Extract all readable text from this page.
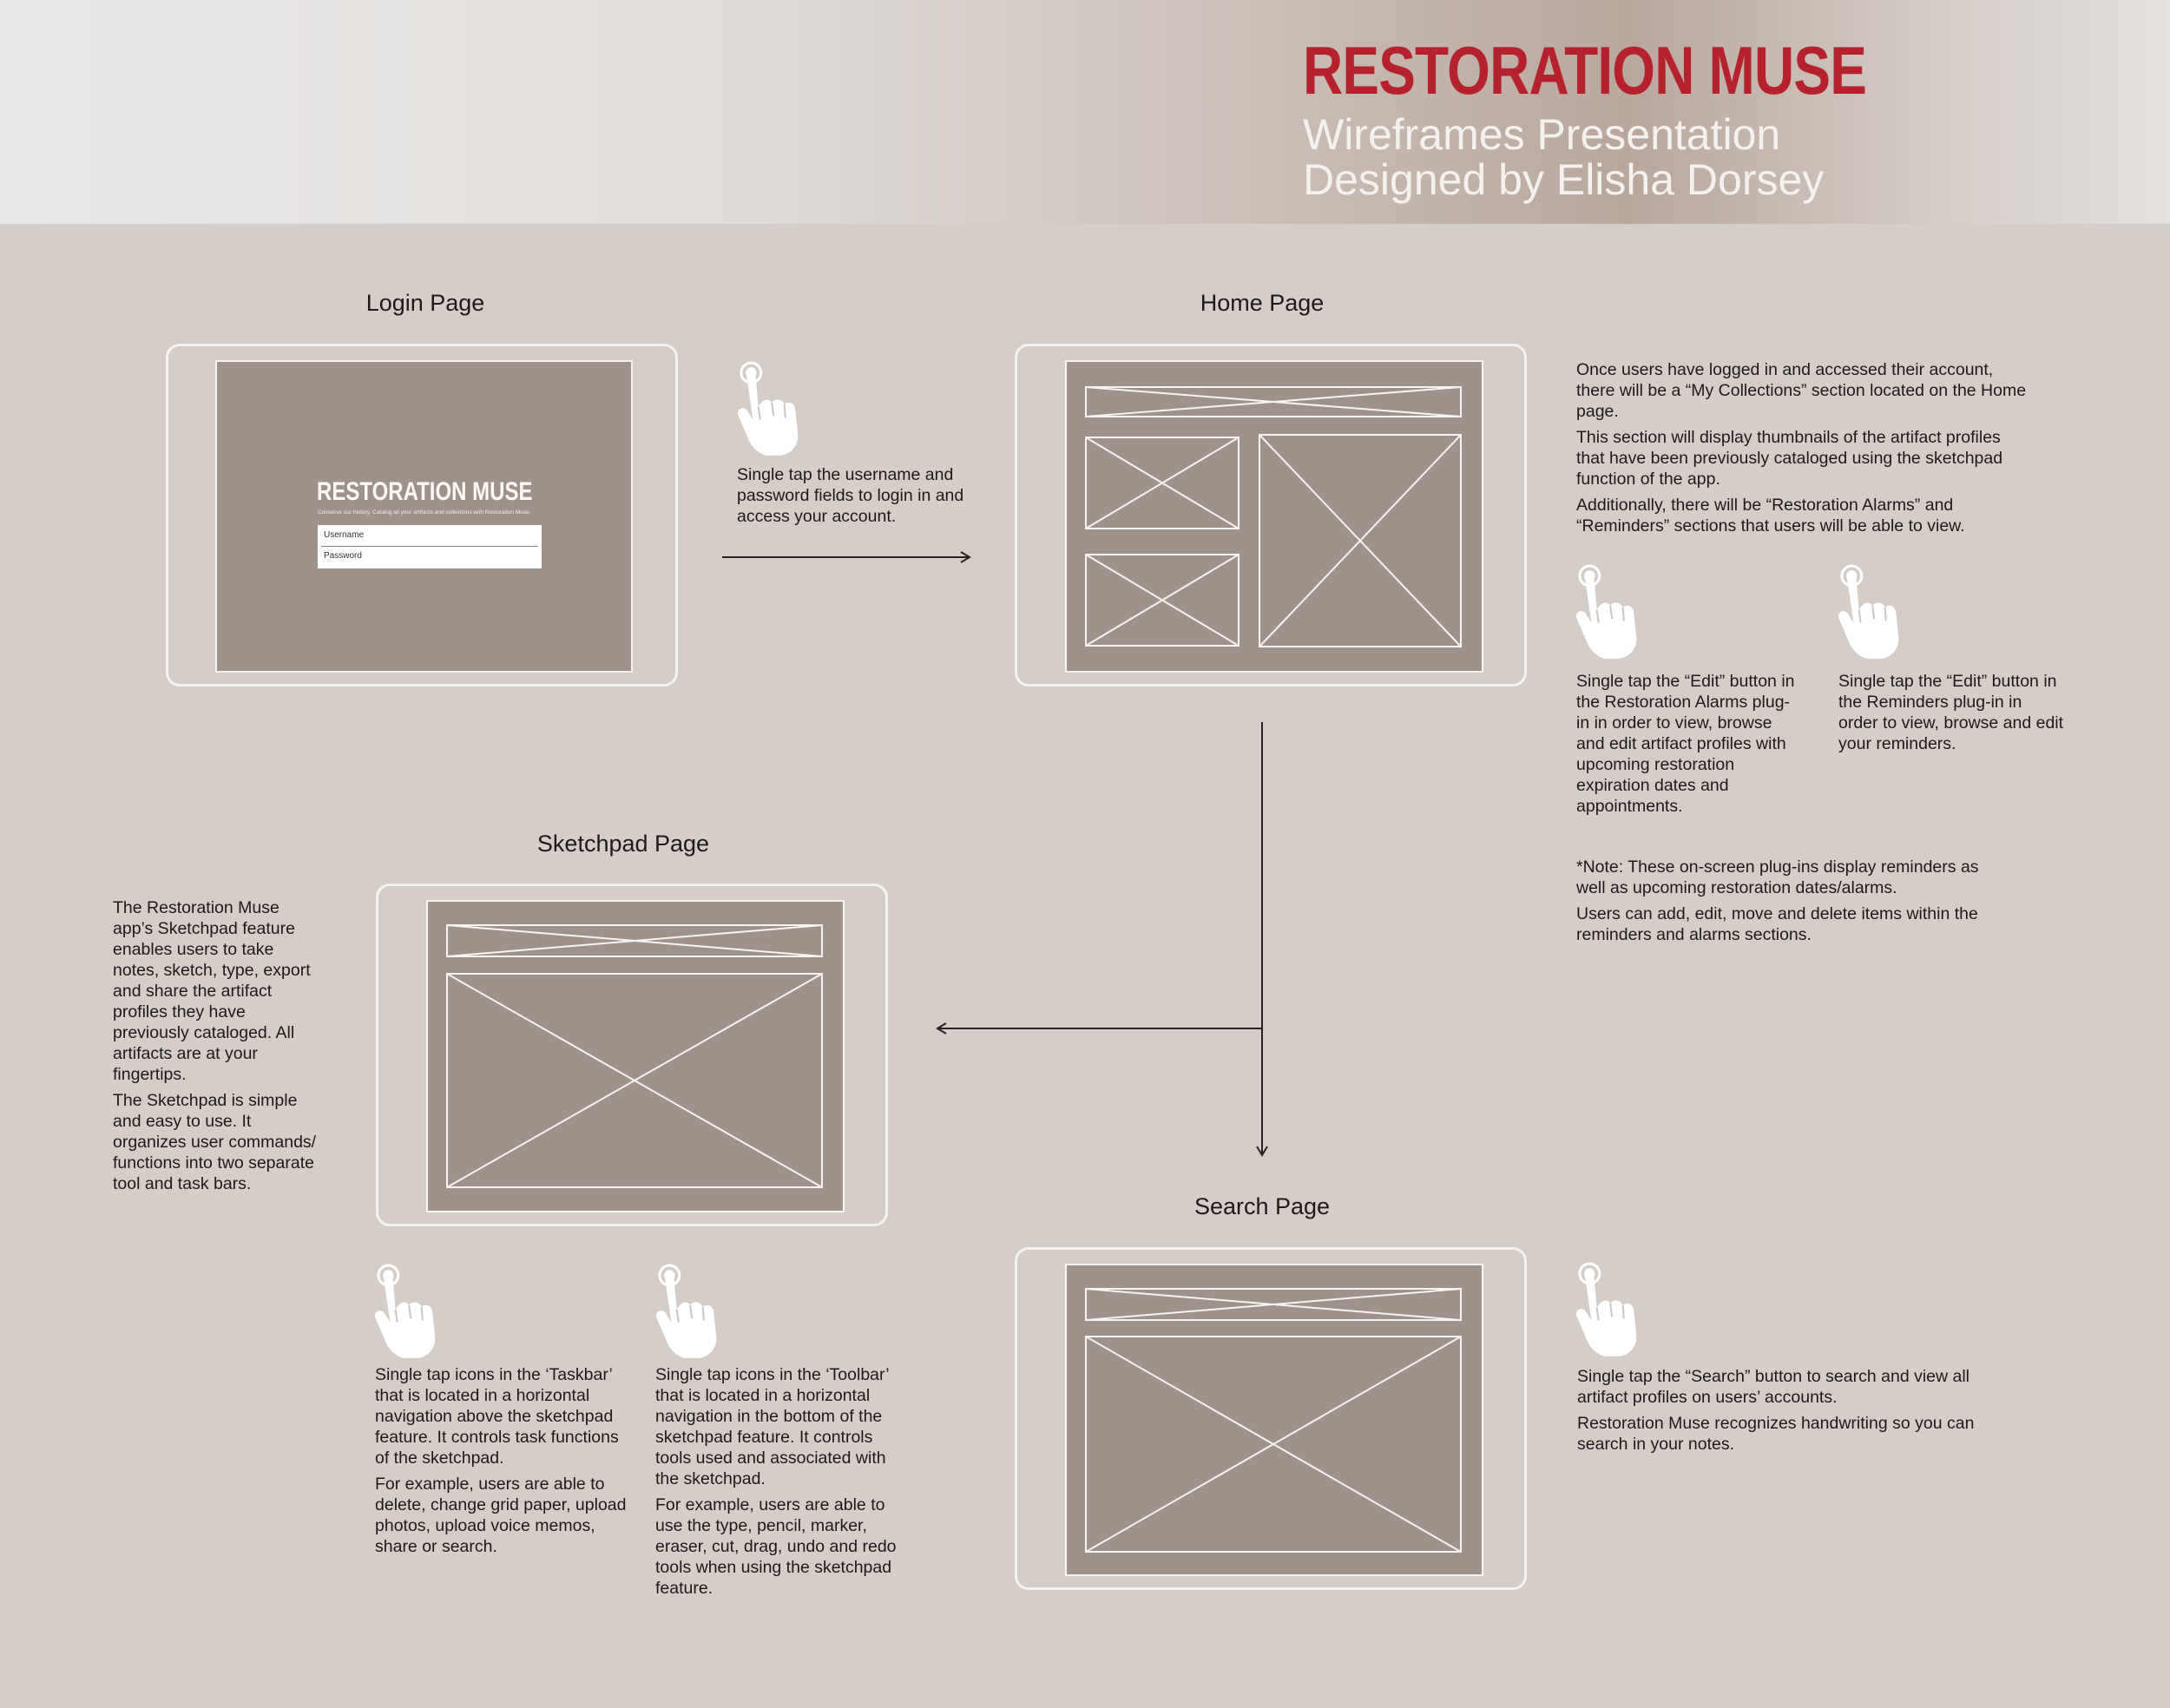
RESTORATION MUSE
Wireframes Presentation
Designed by Elisha Dorsey
Login Page
RESTORATION MUSE
Conserve our history. Catalog all your artifacts and collections with Restoration Muse.
Username
Password
Single tap the username and password fields to login in and access your account.
Home Page

Once users have logged in and accessed their account, there will be a “My Collections” section located on the Home page.

This section will display thumbnails of the artifact profiles that have been previously cataloged using the sketchpad function of the app.

Additionally, there will be “Restoration Alarms” and “Reminders” sections that users will be able to view.

Single tap the “Edit” button in the Restoration Alarms plug-in in order to view, browse and edit artifact profiles with upcoming restoration expiration dates and appointments.
Single tap the “Edit” button in the Reminders plug-in in order to view, browse and edit your reminders.

*Note: These on-screen plug-ins display reminders as well as upcoming restoration dates/alarms.

Users can add, edit, move and delete items within the reminders and alarms sections.

Sketchpad Page

The Restoration Muse app’s Sketchpad feature enables users to take notes, sketch, type, export and share the artifact profiles they have previously cataloged. All artifacts are at your fingertips.

The Sketchpad is simple and easy to use. It organizes user commands/ functions into two separate tool and task bars.

Single tap icons in the ‘Taskbar’ that is located in a horizontal navigation above the sketchpad feature. It controls task functions of the sketchpad.

For example, users are able to delete, change grid paper, upload photos, upload voice memos, share or search.

Single tap icons in the ‘Toolbar’ that is located in a horizontal navigation in the bottom of the sketchpad feature. It controls tools used and associated with the sketchpad.

For example, users are able to use the type, pencil, marker, eraser, cut, drag, undo and redo tools when using the sketchpad feature.

Search Page

Single tap the “Search” button to search and view all artifact profiles on users’ accounts.

Restoration Muse recognizes handwriting so you can search in your notes.
